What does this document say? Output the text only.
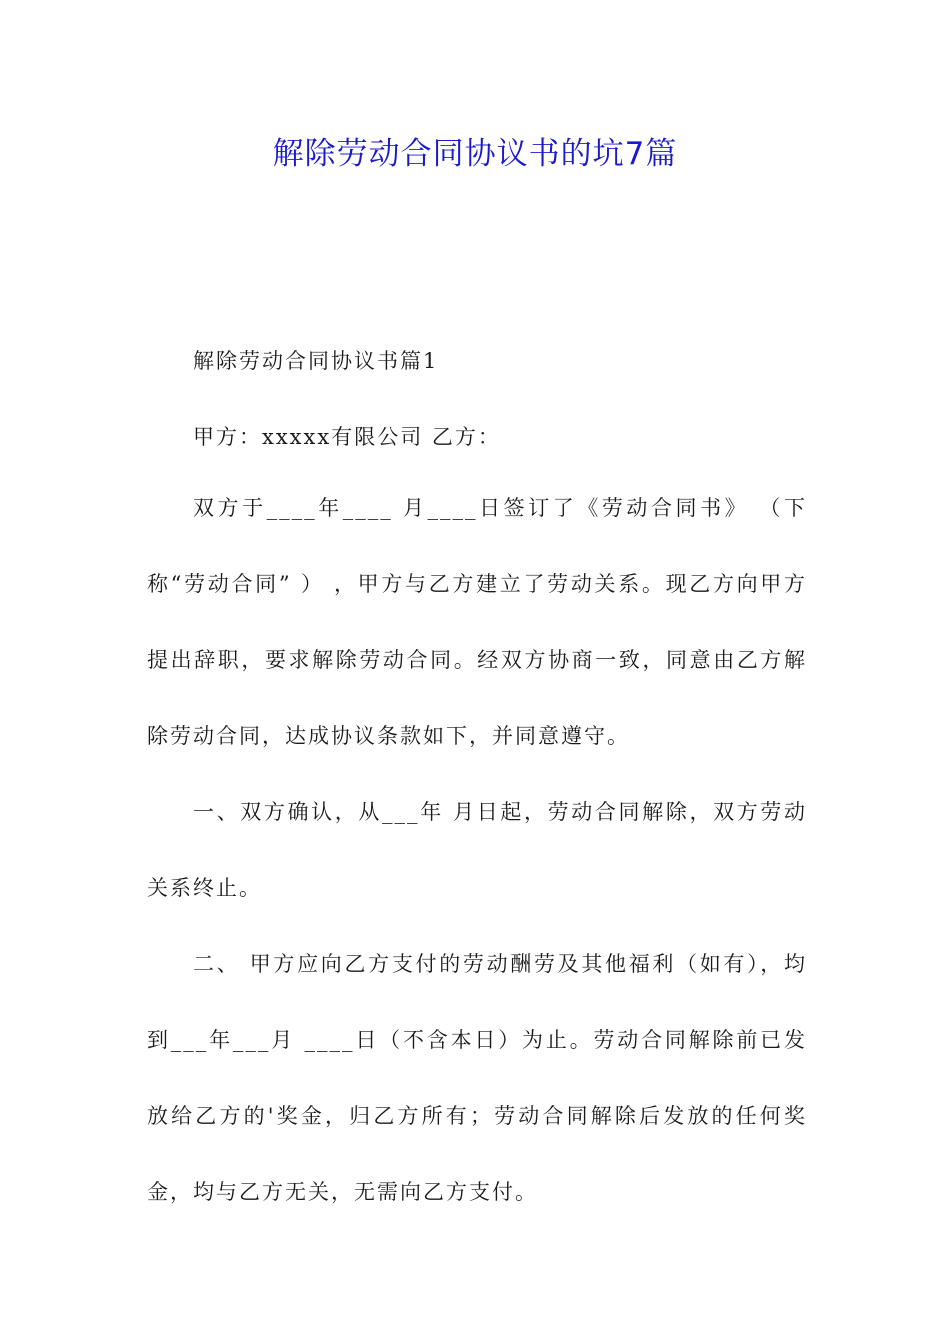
解除劳动合同协议书的坑7篇
解除劳动合同协议书篇1
甲方：xxxxx有限公司 乙方：

双方于____年____ 月____日签订了《劳动合同书》 （下称“劳动合同” ） ，甲方与乙方建立了劳动关系。现乙方向甲方提出辞职，要求解除劳动合同。经双方协商一致，同意由乙方解除劳动合同，达成协议条款如下，并同意遵守。

一、双方确认，从___年 月日起，劳动合同解除，双方劳动关系终止。

二、 甲方应向乙方支付的劳动酬劳及其他福利（如有），均到___年___月 ____日（不含本日）为止。劳动合同解除前已发放给乙方的'奖金，归乙方所有；劳动合同解除后发放的任何奖金，均与乙方无关，无需向乙方支付。
